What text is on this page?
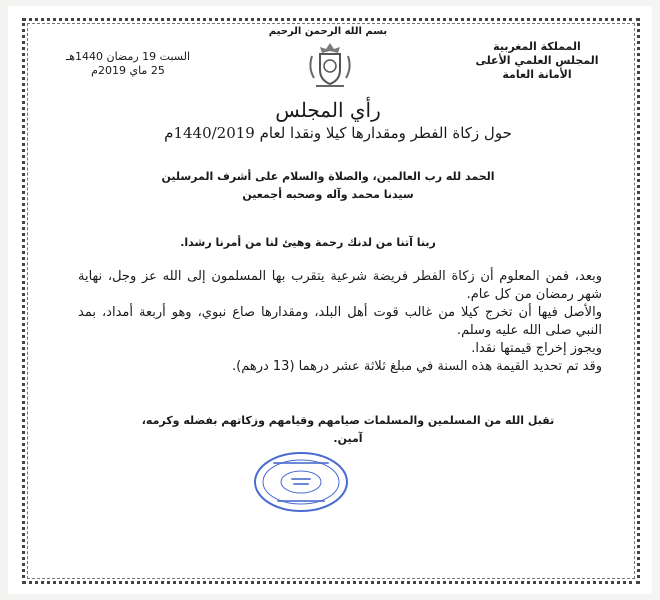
بسم الله الرحمن الرحيم
المملكة المغربية
المجلس العلمي الأعلى
الأمانة العامة
السبت 19 رمضان 1440هـ
25 ماي 2019م
رأي المجلس
حول زكاة الفطر ومقدارها كيلا ونقدا لعام 1440/2019م
الحمد لله رب العالمين، والصلاة والسلام على أشرف المرسلين
سيدنا محمد وآله وصحبه أجمعين
ربنا آتنا من لدنك رحمة وهيئ لنا من أمرنا رشدا.

وبعد، فمن المعلوم أن زكاة الفطر فريضة شرعية يتقرب بها المسلمون إلى الله عز وجل، نهاية شهر رمضان من كل عام.

والأصل فيها أن تخرج كيلا من غالب قوت أهل البلد، ومقدارها صاع نبوي، وهو أربعة أمداد، بمد النبي صلى الله عليه وسلم.

ويجوز إخراج قيمتها نقدا.

وقد تم تحديد القيمة هذه السنة في مبلغ ثلاثة عشر درهما (13 درهم).

تقبل الله من المسلمين والمسلمات صيامهم وقيامهم وزكاتهم بفضله وكرمه،
آمين.
